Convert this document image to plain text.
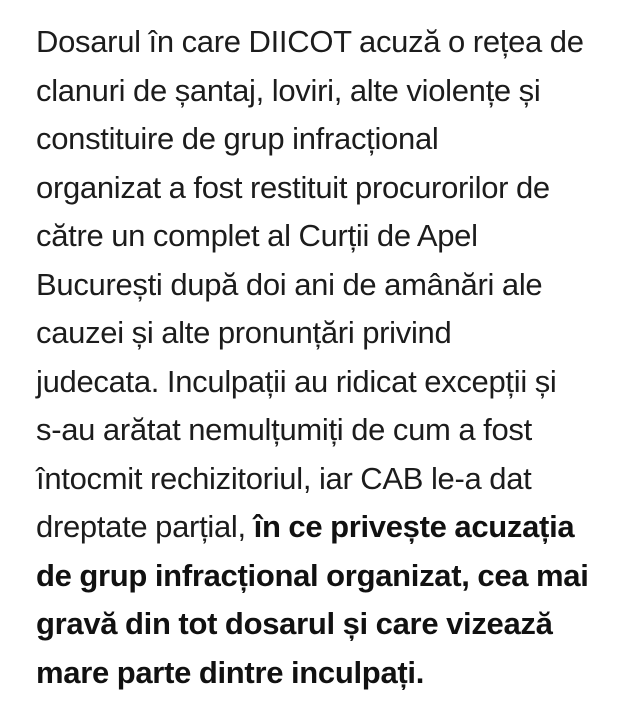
Dosarul în care DIICOT acuză o rețea de
clanuri de șantaj, loviri, alte violențe și
constituire de grup infracțional
organizat a fost restituit procurorilor de
către un complet al Curții de Apel
București după doi ani de amânări ale
cauzei și alte pronunțări privind
judecata. Inculpații au ridicat excepții și
s-au arătat nemulțumiți de cum a fost
întocmit rechizitoriul, iar CAB le-a dat
dreptate parțial, în ce privește acuzația
de grup infracțional organizat, cea mai
gravă din tot dosarul și care vizează
mare parte dintre inculpați.
